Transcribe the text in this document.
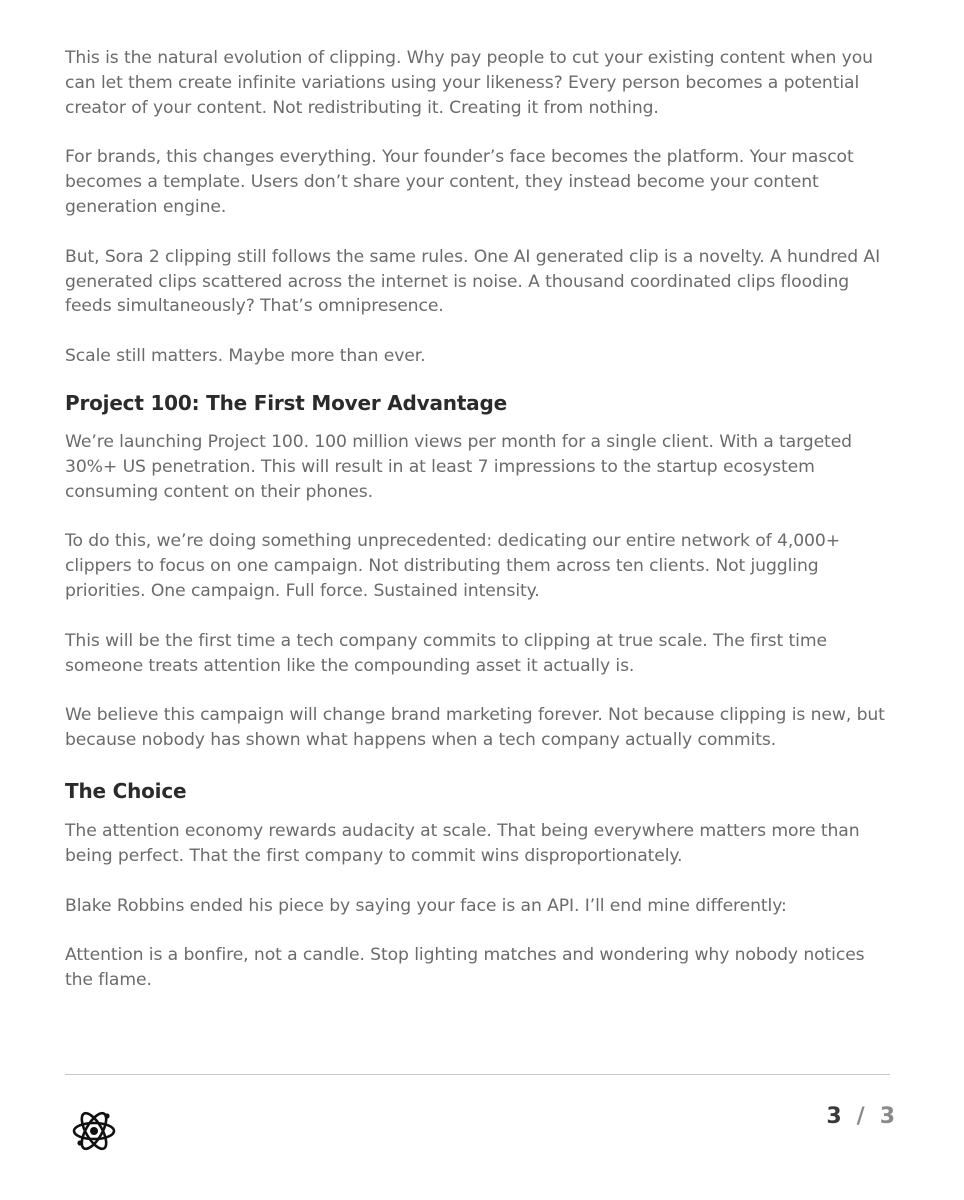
This is the natural evolution of clipping. Why pay people to cut your existing content when you can let them create infinite variations using your likeness? Every person becomes a potential creator of your content. Not redistributing it. Creating it from nothing.

For brands, this changes everything. Your founder’s face becomes the platform. Your mascot becomes a template. Users don’t share your content, they instead become your content generation engine.

But, Sora 2 clipping still follows the same rules. One AI generated clip is a novelty. A hundred AI generated clips scattered across the internet is noise. A thousand coordinated clips flooding feeds simultaneously? That’s omnipresence.

Scale still matters. Maybe more than ever.

Project 100: The First Mover Advantage

We’re launching Project 100. 100 million views per month for a single client. With a targeted 30%+ US penetration. This will result in at least 7 impressions to the startup ecosystem consuming content on their phones.

To do this, we’re doing something unprecedented: dedicating our entire network of 4,000+ clippers to focus on one campaign. Not distributing them across ten clients. Not juggling priorities. One campaign. Full force. Sustained intensity.

This will be the first time a tech company commits to clipping at true scale. The first time someone treats attention like the compounding asset it actually is.

We believe this campaign will change brand marketing forever. Not because clipping is new, but because nobody has shown what happens when a tech company actually commits.

The Choice

The attention economy rewards audacity at scale. That being everywhere matters more than being perfect. That the first company to commit wins disproportionately.

Blake Robbins ended his piece by saying your face is an API. I’ll end mine differently:

Attention is a bonfire, not a candle. Stop lighting matches and wondering why nobody notices the flame.

3 / 3
